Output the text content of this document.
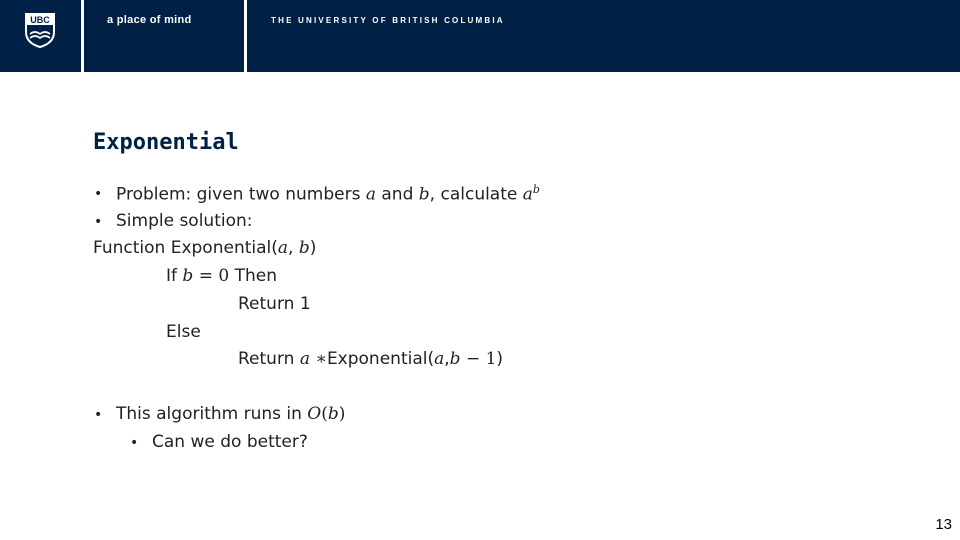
UBC	a place of mind	THE UNIVERSITY OF BRITISH COLUMBIA
Exponential
• Problem: given two numbers a and b, calculate $a^b$
• Simple solution:
Function Exponential(a, b)
If b = 0 Then
Return 1
Else
Return a ∗Exponential(a,b − 1)
• This algorithm runs in O(b)
• Can we do better?
13
